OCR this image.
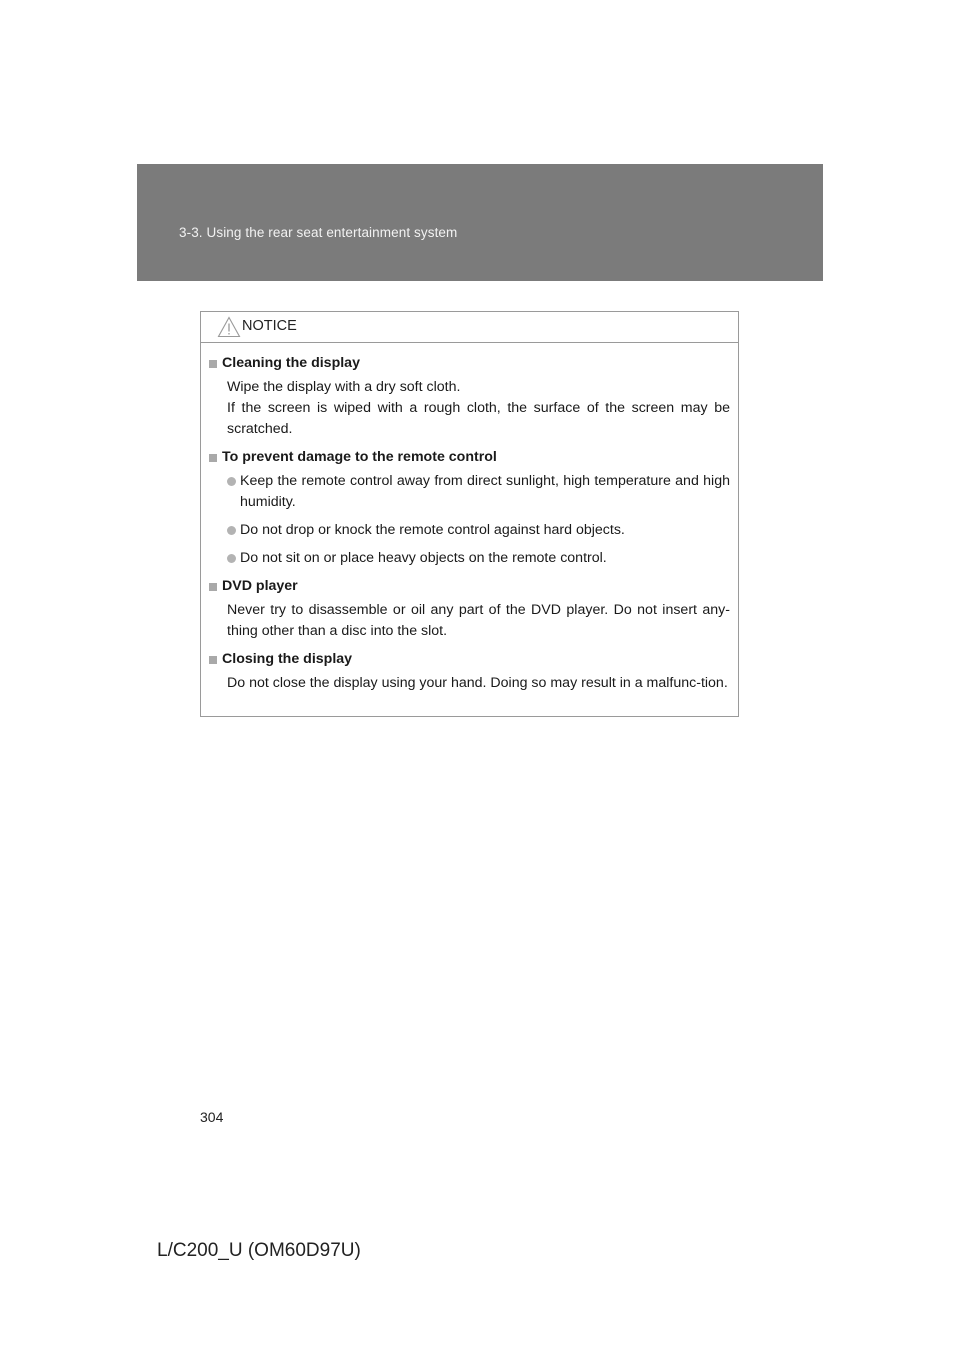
3-3. Using the rear seat entertainment system
NOTICE
Cleaning the display
Wipe the display with a dry soft cloth.
If the screen is wiped with a rough cloth, the surface of the screen may be scratched.
To prevent damage to the remote control
Keep the remote control away from direct sunlight, high temperature and high humidity.
Do not drop or knock the remote control against hard objects.
Do not sit on or place heavy objects on the remote control.
DVD player
Never try to disassemble or oil any part of the DVD player. Do not insert any-thing other than a disc into the slot.
Closing the display
Do not close the display using your hand. Doing so may result in a malfunc-tion.
304
L/C200_U (OM60D97U)
